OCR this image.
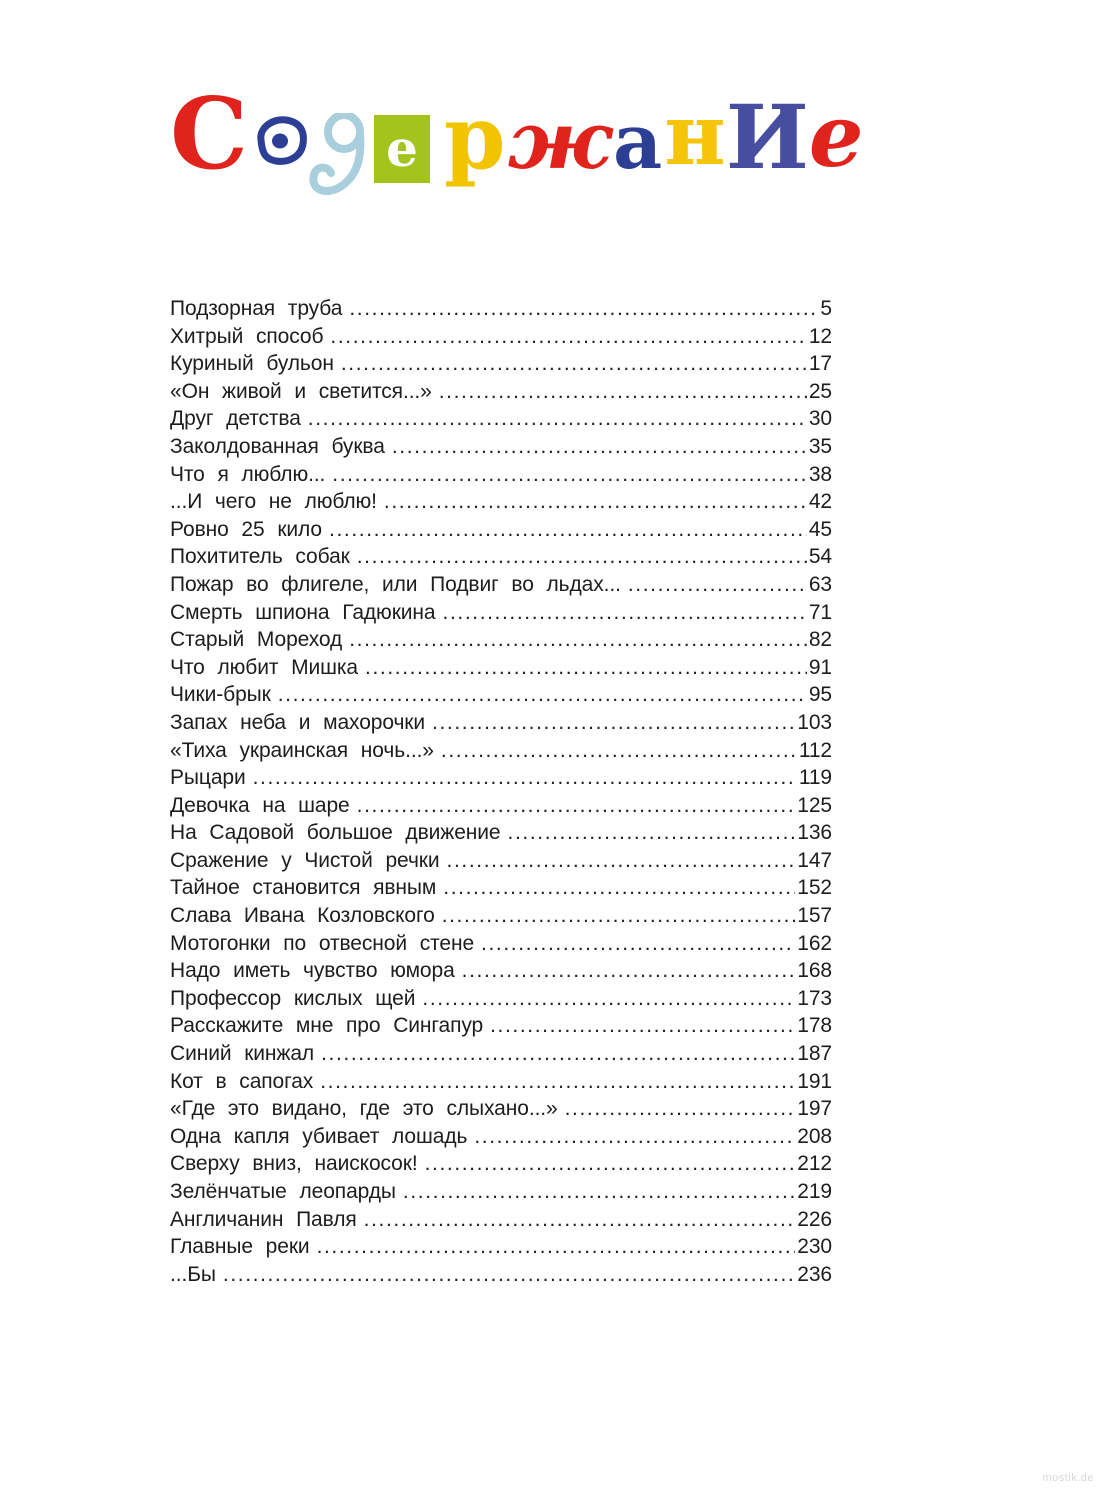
С	е ржанИe
Подзорная труба .....	5
Хитрый способ .....	12
Куриный бульон .....	17
«Он живой и светится...» .....	25
Друг детства .....	30
Заколдованная буква .....	35
Что я люблю... .....	38
...И чего не люблю! .....	42
Ровно 25 кило .....	45
Похититель собак .....	54
Пожар во флигеле, или Подвиг во льдах... .....	63
Смерть шпиона Гадюкина .....	71
Старый Мореход .....	82
Что любит Мишка .....	91
Чики-брык .....	95
Запах неба и махорочки .....	103
«Тиха украинская ночь...» .....	112
Рыцари .....	119
Девочка на шаре .....	125
На Садовой большое движение .....	136
Сражение у Чистой речки .....	147
Тайное становится явным .....	152
Слава Ивана Козловского .....	157
Мотогонки по отвесной стене .....	162
Надо иметь чувство юмора .....	168
Профессор кислых щей .....	173
Расскажите мне про Сингапур .....	178
Синий кинжал .....	187
Кот в сапогах .....	191
«Где это видано, где это слыхано...» .....	197
Одна капля убивает лошадь .....	208
Сверху вниз, наискосок! .....	212
Зелёнчатые леопарды .....	219
Англичанин Павля .....	226
Главные реки .....	230
...Бы .....	236
mostik.de
